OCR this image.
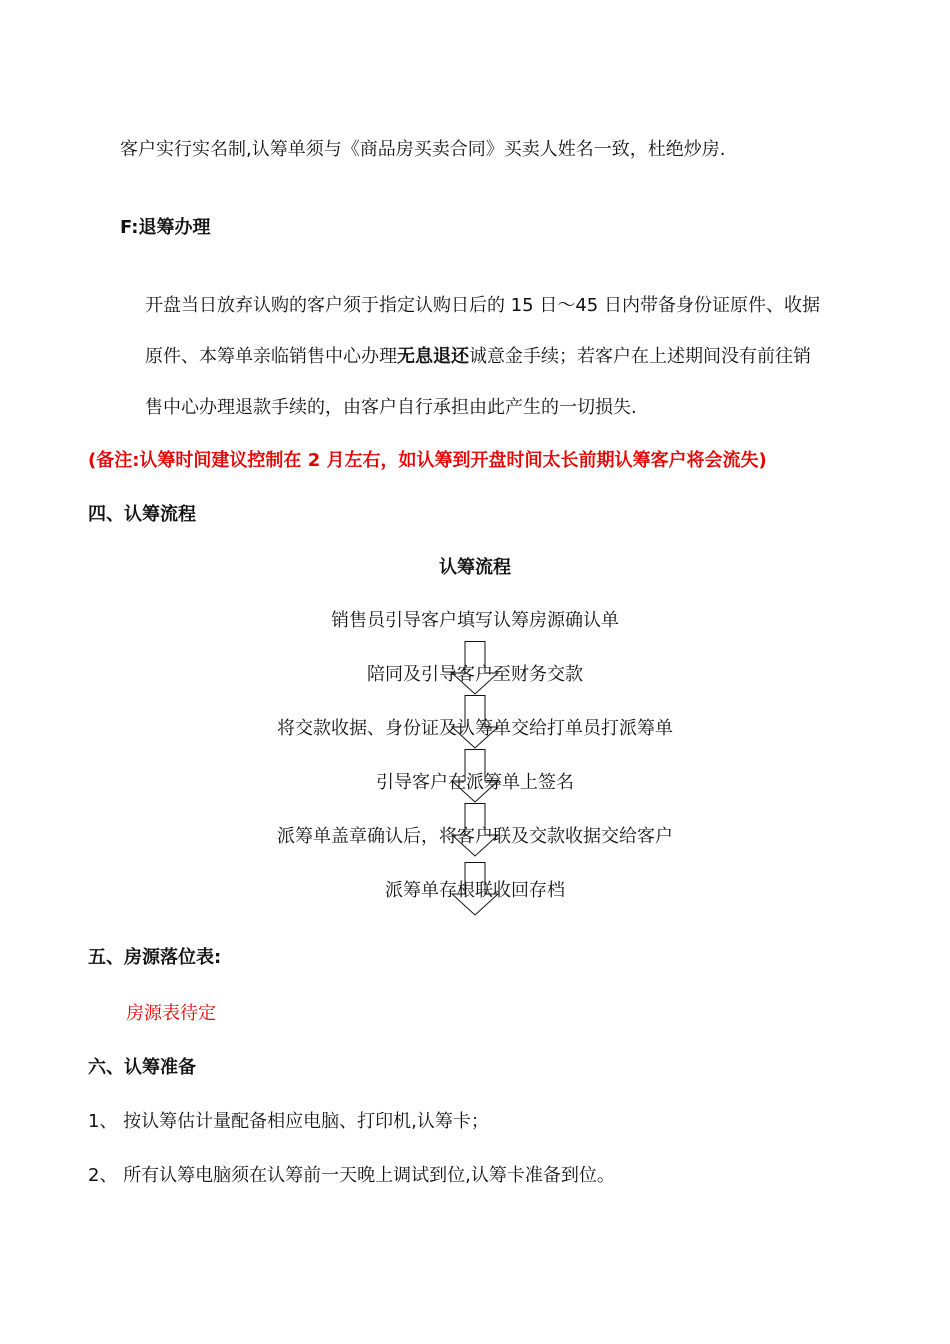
客户实行实名制,认筹单须与《商品房买卖合同》买卖人姓名一致，杜绝炒房.
F:退筹办理
开盘当日放弃认购的客户须于指定认购日后的 15 日～45 日内带备身份证原件、收据
原件、本筹单亲临销售中心办理无息退还诚意金手续；若客户在上述期间没有前往销
售中心办理退款手续的，由客户自行承担由此产生的一切损失.
(备注:认筹时间建议控制在 2 月左右，如认筹到开盘时间太长前期认筹客户将会流失)
四、认筹流程
认筹流程
销售员引导客户填写认筹房源确认单
陪同及引导客户至财务交款
将交款收据、身份证及认筹单交给打单员打派筹单
引导客户在派筹单上签名
派筹单盖章确认后，将客户联及交款收据交给客户
派筹单存根联收回存档
五、房源落位表:
房源表待定
六、认筹准备
1、 按认筹估计量配备相应电脑、打印机,认筹卡；
2、 所有认筹电脑须在认筹前一天晚上调试到位,认筹卡准备到位。
